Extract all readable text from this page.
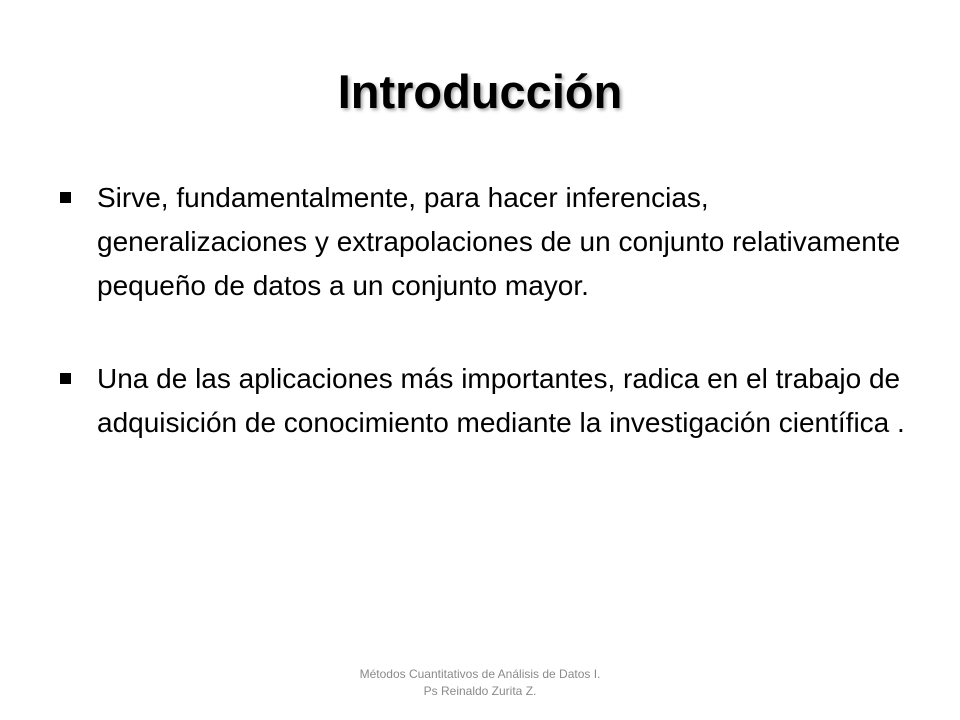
Introducción
Sirve, fundamentalmente, para hacer inferencias, generalizaciones y extrapolaciones de un conjunto relativamente pequeño de datos a un conjunto mayor.
Una de las aplicaciones más importantes, radica en el trabajo de adquisición de conocimiento mediante la investigación científica .
Métodos Cuantitativos de Análisis de Datos I.
Ps Reinaldo Zurita Z.
